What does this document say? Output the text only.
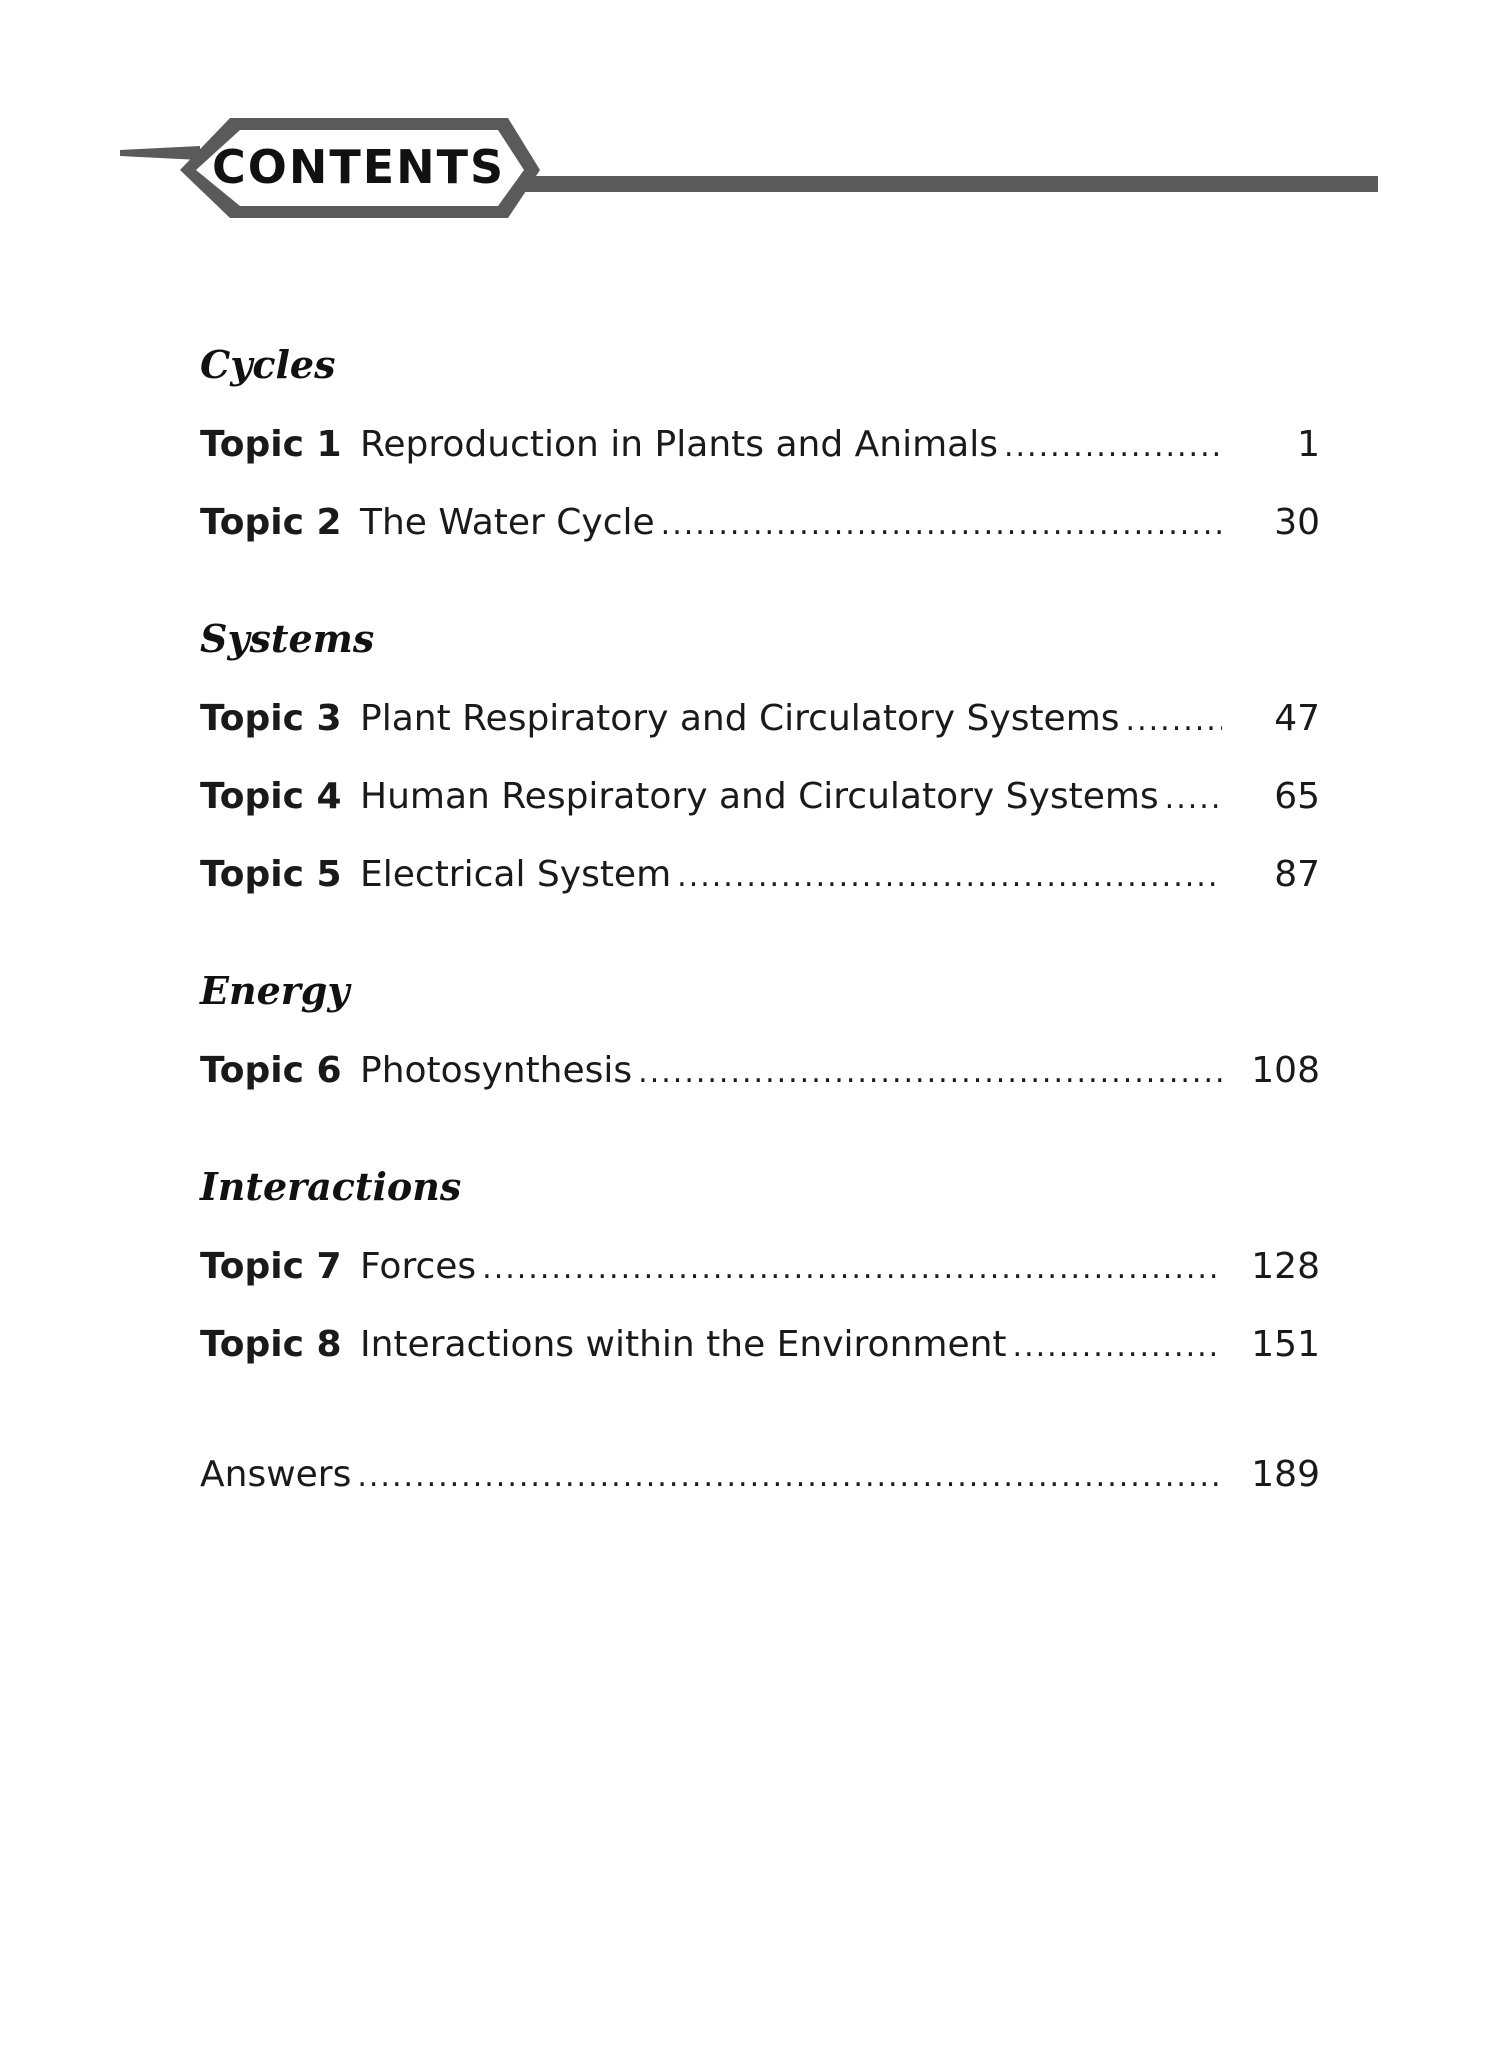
CONTENTS
Cycles
Topic 1 Reproduction in Plants and Animals .....	1
Topic 2 The Water Cycle .....	30
Systems
Topic 3 Plant Respiratory and Circulatory Systems .....	47
Topic 4 Human Respiratory and Circulatory Systems .....	65
Topic 5 Electrical System .....	87
Energy
Topic 6 Photosynthesis .....	108
Interactions
Topic 7 Forces .....	128
Topic 8 Interactions within the Environment .....	151
Answers .....	189
